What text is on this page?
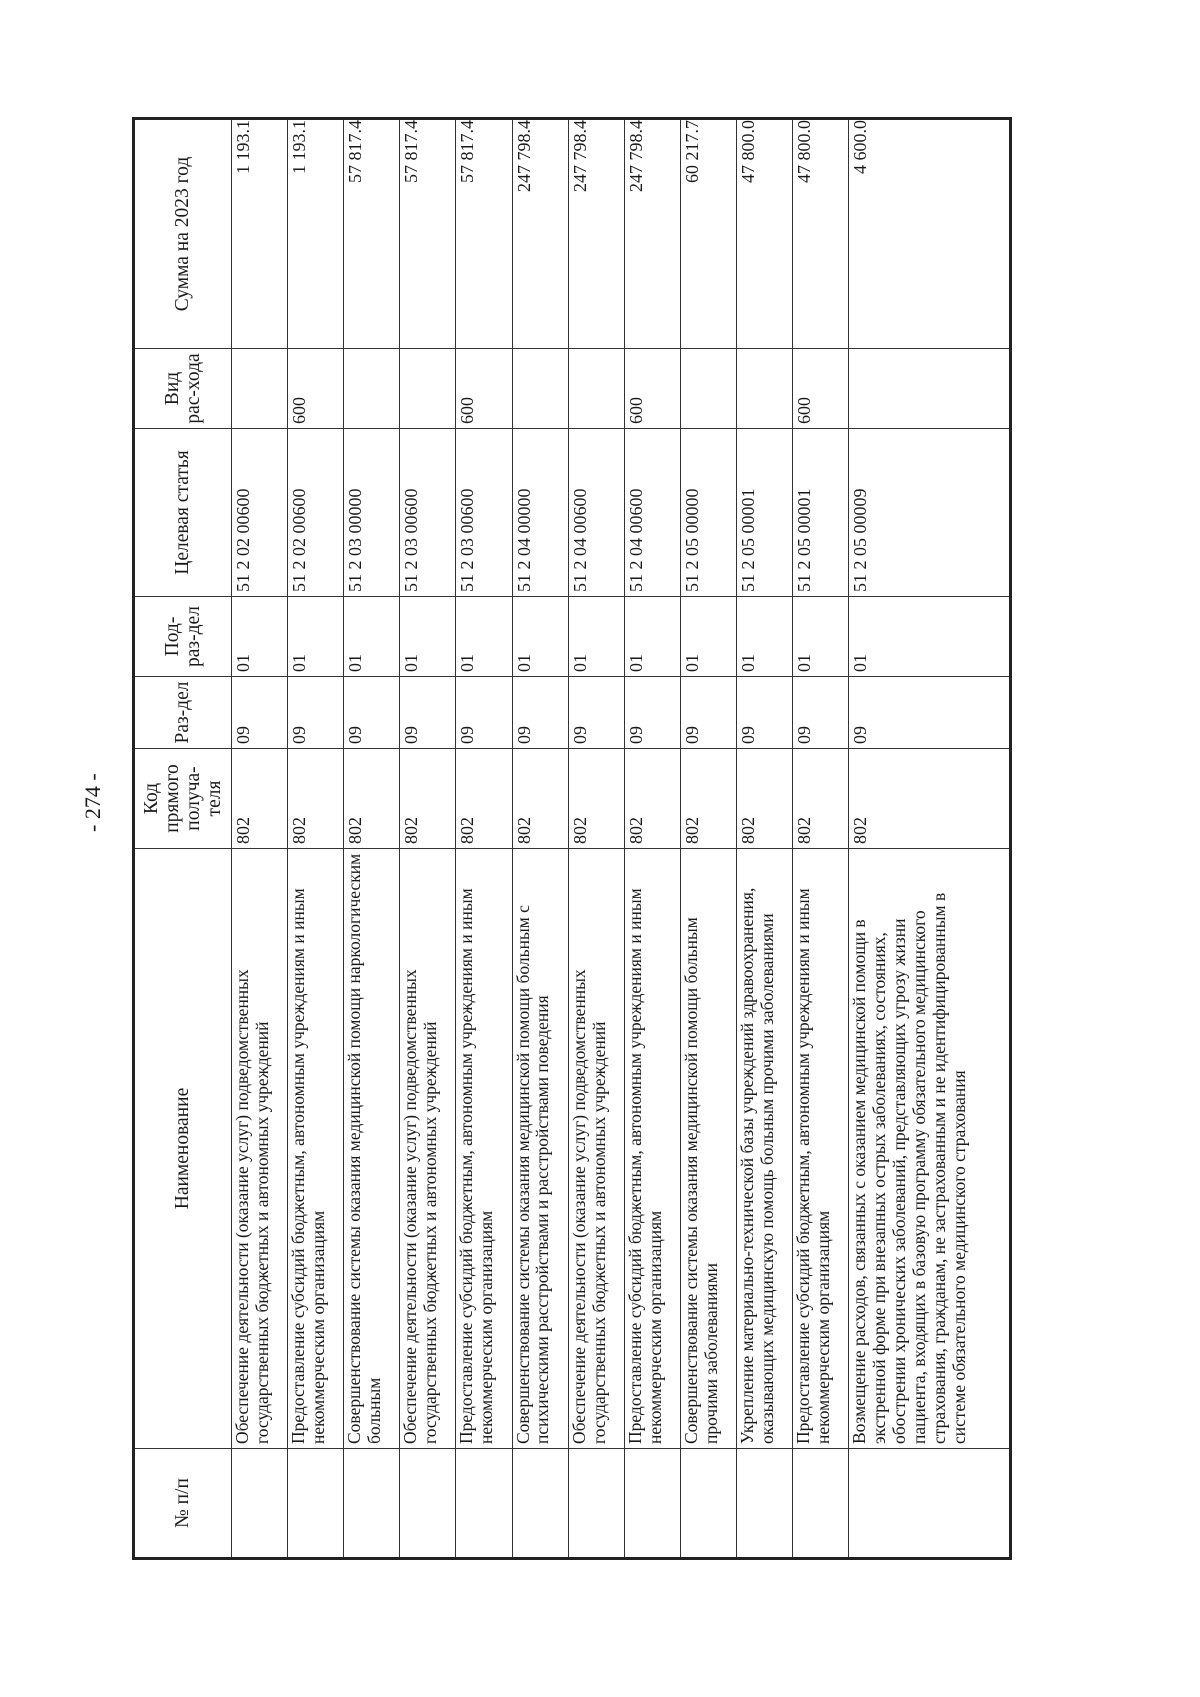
- 274 -
№ п/п	Наименование	Код прямого получа-теля	Раз-дел	Под-раз-дел	Целевая статья	Вид рас-хода	Сумма на 2023 год
	Обеспечение деятельности (оказание услуг) подведомственных государственных бюджетных и автономных учреждений	802	09	01	51 2 02 00600		1 193.1
	Предоставление субсидий бюджетным, автономным учреждениям и иным некоммерческим организациям	802	09	01	51 2 02 00600	600	1 193.1
	Совершенствование системы оказания медицинской помощи наркологическим больным	802	09	01	51 2 03 00000		57 817.4
	Обеспечение деятельности (оказание услуг) подведомственных государственных бюджетных и автономных учреждений	802	09	01	51 2 03 00600		57 817.4
	Предоставление субсидий бюджетным, автономным учреждениям и иным некоммерческим организациям	802	09	01	51 2 03 00600	600	57 817.4
	Совершенствование системы оказания медицинской помощи больным с психическими расстройствами и расстройствами поведения	802	09	01	51 2 04 00000		247 798.4
	Обеспечение деятельности (оказание услуг) подведомственных государственных бюджетных и автономных учреждений	802	09	01	51 2 04 00600		247 798.4
	Предоставление субсидий бюджетным, автономным учреждениям и иным некоммерческим организациям	802	09	01	51 2 04 00600	600	247 798.4
	Совершенствование системы оказания медицинской помощи больным прочими заболеваниями	802	09	01	51 2 05 00000		60 217.7
	Укрепление материально-технической базы учреждений здравоохранения, оказывающих медицинскую помощь больным прочими заболеваниями	802	09	01	51 2 05 00001		47 800.0
	Предоставление субсидий бюджетным, автономным учреждениям и иным некоммерческим организациям	802	09	01	51 2 05 00001	600	47 800.0
	Возмещение расходов, связанных с оказанием медицинской помощи в экстренной форме при внезапных острых заболеваниях, состояниях, обострении хронических заболеваний, представляющих угрозу жизни пациента, входящих в базовую программу обязательного медицинского страхования, гражданам, не застрахованным и не идентифицированным в системе обязательного медицинского страхования	802	09	01	51 2 05 00009		4 600.0
